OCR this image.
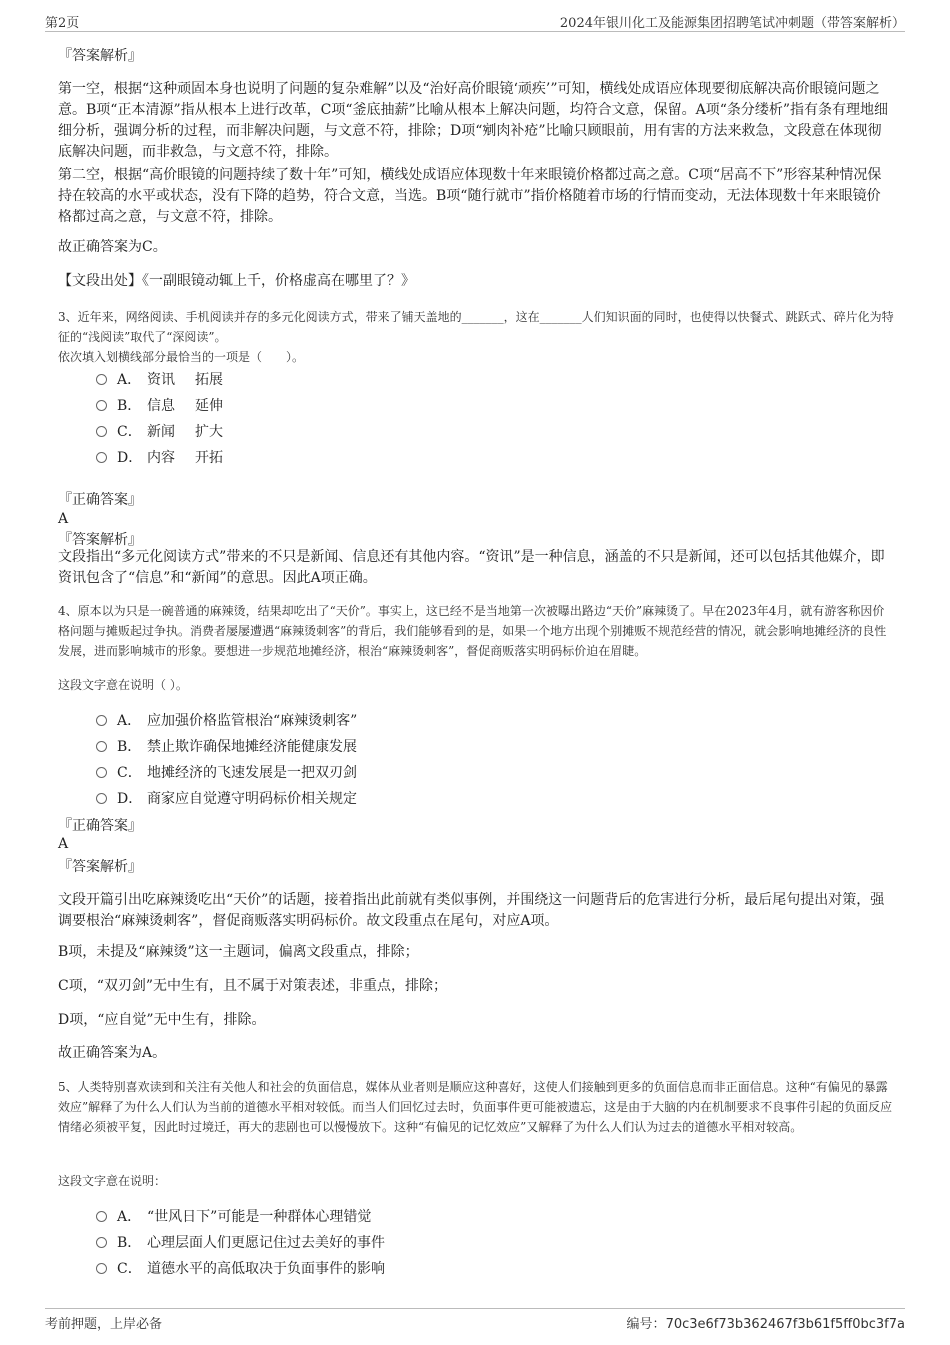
第2页	2024年银川化工及能源集团招聘笔试冲刺题（带答案解析）
『答案解析』
第一空，根据“这种顽固本身也说明了问题的复杂难解”以及“治好高价眼镜‘顽疾’”可知，横线处成语应体现要彻底解决高价眼镜问题之意。B项“正本清源”指从根本上进行改革，C项“釜底抽薪”比喻从根本上解决问题，均符合文意，保留。A项“条分缕析”指有条有理地细细分析，强调分析的过程，而非解决问题，与文意不符，排除；D项“剜肉补疮”比喻只顾眼前，用有害的方法来救急，文段意在体现彻底解决问题，而非救急，与文意不符，排除。
第二空，根据“高价眼镜的问题持续了数十年”可知，横线处成语应体现数十年来眼镜价格都过高之意。C项“居高不下”形容某种情况保持在较高的水平或状态，没有下降的趋势，符合文意，当选。B项“随行就市”指价格随着市场的行情而变动，无法体现数十年来眼镜价格都过高之意，与文意不符，排除。
故正确答案为C。
【文段出处】《一副眼镜动辄上千，价格虚高在哪里了？》
3、近年来，网络阅读、手机阅读并存的多元化阅读方式，带来了铺天盖地的_______，这在_______人们知识面的同时，也使得以快餐式、跳跃式、碎片化为特征的“浅阅读”取代了“深阅读”。
依次填入划横线部分最恰当的一项是（　　）。
A． 资讯 拓展
B． 信息 延伸
C． 新闻 扩大
D． 内容 开拓
『正确答案』
A
『答案解析』
文段指出“多元化阅读方式”带来的不只是新闻、信息还有其他内容。“资讯”是一种信息，涵盖的不只是新闻，还可以包括其他媒介，即资讯包含了“信息”和“新闻”的意思。因此A项正确。
4、原本以为只是一碗普通的麻辣烫，结果却吃出了“天价”。事实上，这已经不是当地第一次被曝出路边“天价”麻辣烫了。早在2023年4月，就有游客称因价格问题与摊贩起过争执。消费者屡屡遭遇“麻辣烫刺客”的背后，我们能够看到的是，如果一个地方出现个别摊贩不规范经营的情况，就会影响地摊经济的良性发展，进而影响城市的形象。要想进一步规范地摊经济，根治“麻辣烫刺客”，督促商贩落实明码标价迫在眉睫。
这段文字意在说明（ ）。
A． 应加强价格监管根治“麻辣烫刺客”
B． 禁止欺诈确保地摊经济能健康发展
C． 地摊经济的飞速发展是一把双刃剑
D． 商家应自觉遵守明码标价相关规定
『正确答案』
A
『答案解析』
文段开篇引出吃麻辣烫吃出“天价”的话题，接着指出此前就有类似事例，并围绕这一问题背后的危害进行分析，最后尾句提出对策，强调要根治“麻辣烫刺客”，督促商贩落实明码标价。故文段重点在尾句，对应A项。
B项，未提及“麻辣烫”这一主题词，偏离文段重点，排除；
C项，“双刃剑”无中生有，且不属于对策表述，非重点，排除；
D项，“应自觉”无中生有，排除。
故正确答案为A。
5、人类特别喜欢读到和关注有关他人和社会的负面信息，媒体从业者则是顺应这种喜好，这使人们接触到更多的负面信息而非正面信息。这种“有偏见的暴露效应”解释了为什么人们认为当前的道德水平相对较低。而当人们回忆过去时，负面事件更可能被遗忘，这是由于大脑的内在机制要求不良事件引起的负面反应情绪必须被平复，因此时过境迁，再大的悲剧也可以慢慢放下。这种“有偏见的记忆效应”又解释了为什么人们认为过去的道德水平相对较高。
这段文字意在说明：
A． “世风日下”可能是一种群体心理错觉
B． 心理层面人们更愿记住过去美好的事件
C． 道德水平的高低取决于负面事件的影响
考前押题，上岸必备	编号：70c3e6f73b362467f3b61f5ff0bc3f7a
